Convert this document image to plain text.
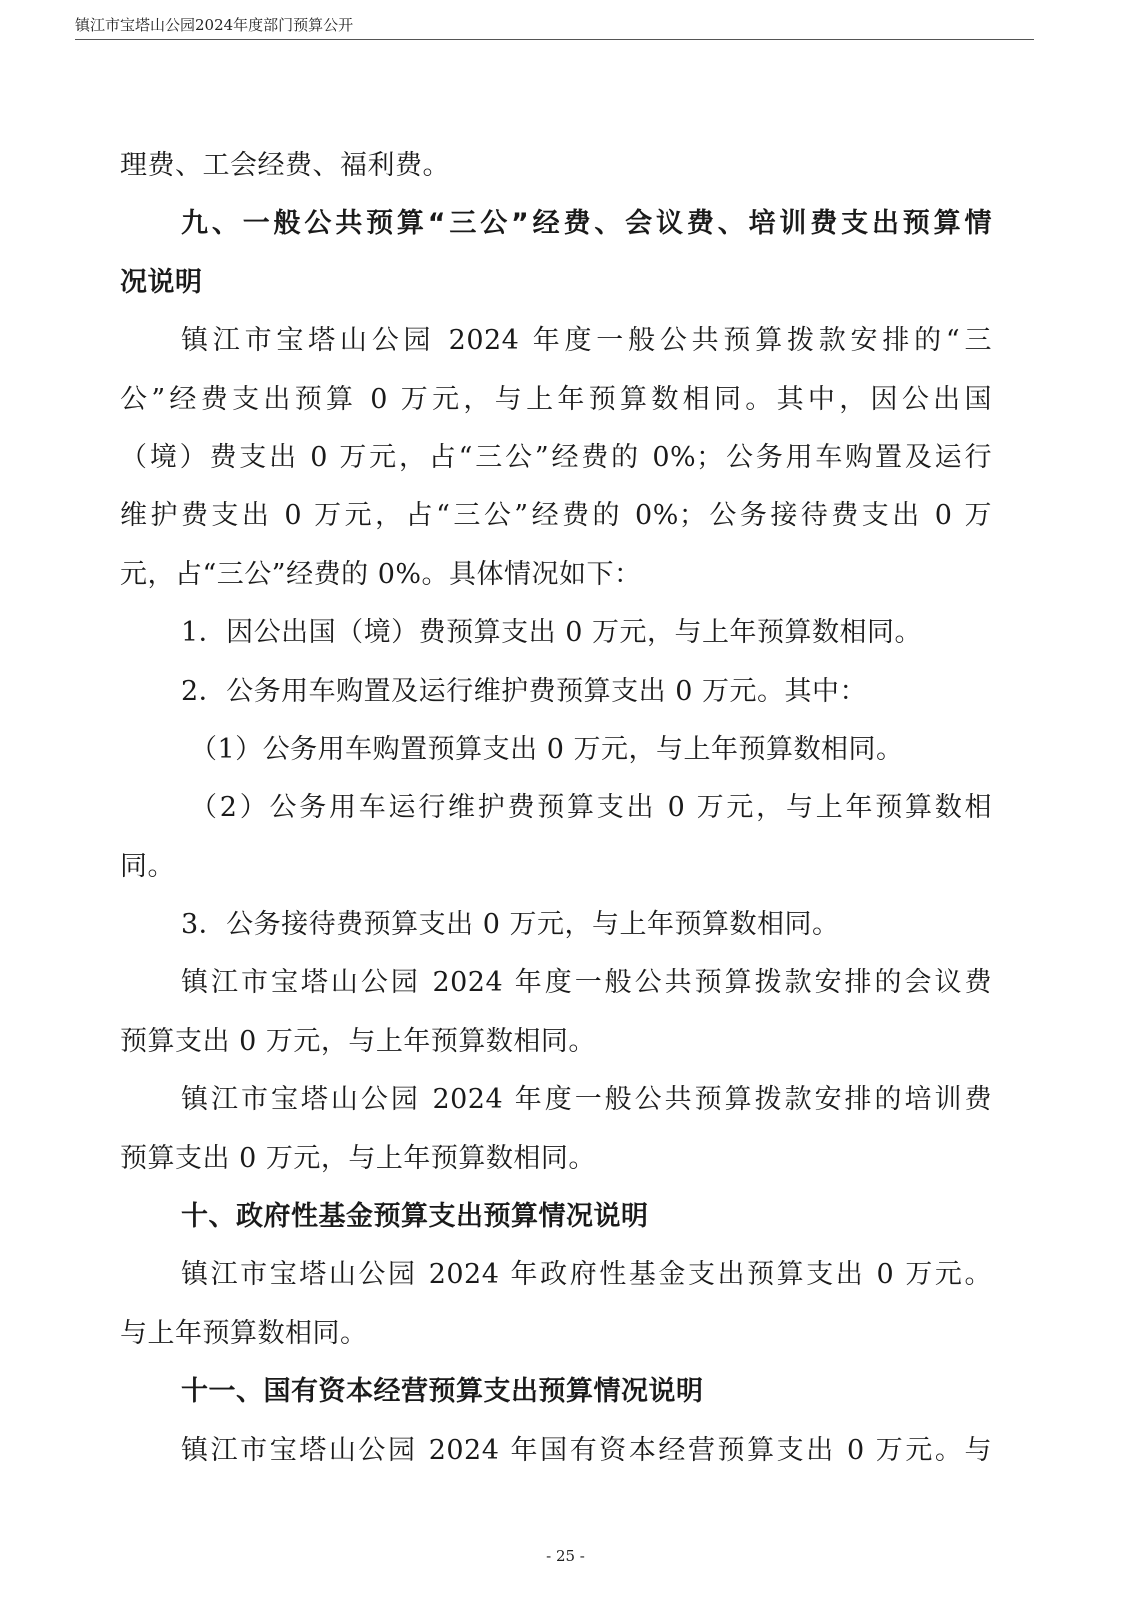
镇江市宝塔山公园2024年度部门预算公开
理费、工会经费、福利费。
九、一般公共预算“三公”经费、会议费、培训费支出预算情
况说明
镇江市宝塔山公园 2024 年度一般公共预算拨款安排的“三
公”经费支出预算 0 万元，与上年预算数相同。其中，因公出国
（境）费支出 0 万元，占“三公”经费的 0%；公务用车购置及运行
维护费支出 0 万元，占“三公”经费的 0%；公务接待费支出 0 万
元，占“三公”经费的 0%。具体情况如下：
1．因公出国（境）费预算支出 0 万元，与上年预算数相同。
2．公务用车购置及运行维护费预算支出 0 万元。其中：
（1）公务用车购置预算支出 0 万元，与上年预算数相同。
（2）公务用车运行维护费预算支出 0 万元，与上年预算数相
同。
3．公务接待费预算支出 0 万元，与上年预算数相同。
镇江市宝塔山公园 2024 年度一般公共预算拨款安排的会议费
预算支出 0 万元，与上年预算数相同。
镇江市宝塔山公园 2024 年度一般公共预算拨款安排的培训费
预算支出 0 万元，与上年预算数相同。
十、政府性基金预算支出预算情况说明
镇江市宝塔山公园 2024 年政府性基金支出预算支出 0 万元。
与上年预算数相同。
十一、国有资本经营预算支出预算情况说明
镇江市宝塔山公园 2024 年国有资本经营预算支出 0 万元。与
- 25 -
